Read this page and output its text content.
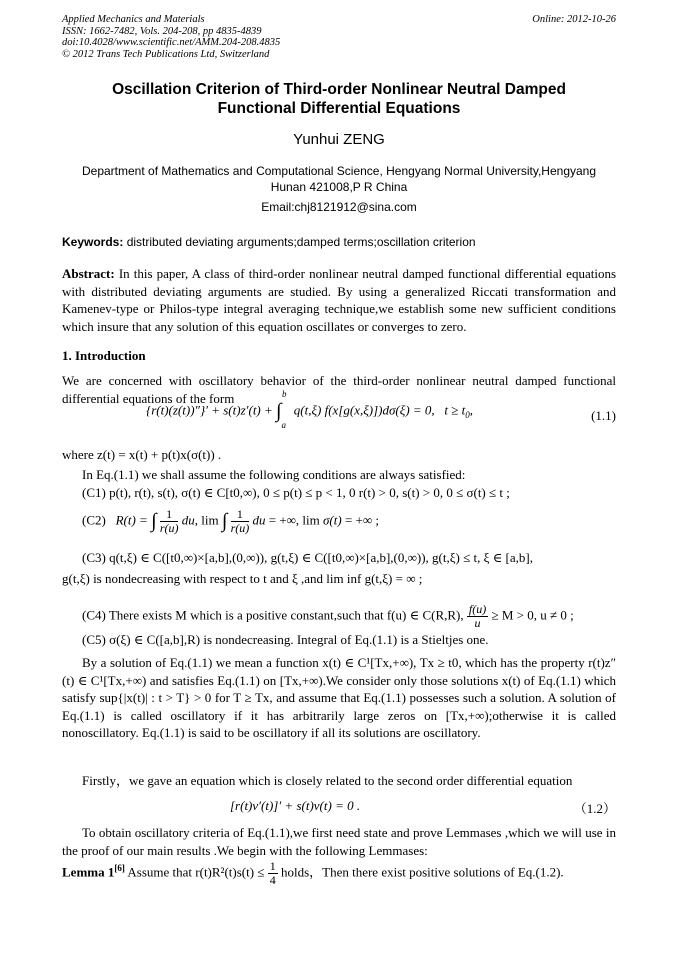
Applied Mechanics and Materials
ISSN: 1662-7482, Vols. 204-208, pp 4835-4839
doi:10.4028/www.scientific.net/AMM.204-208.4835
© 2012 Trans Tech Publications Ltd, Switzerland
Online: 2012-10-26
Oscillation Criterion of Third-order Nonlinear Neutral Damped
Functional Differential Equations
Yunhui ZENG
Department of Mathematics and Computational Science, Hengyang Normal University,Hengyang
Hunan 421008,P R China
Email:chj8121912@sina.com
Keywords: distributed deviating arguments;damped terms;oscillation criterion
Abstract: In this paper, A class of third-order nonlinear neutral damped functional differential equations with distributed deviating arguments are studied. By using a generalized Riccati transformation and Kamenev-type or Philos-type integral averaging technique,we establish some new sufficient conditions which insure that any solution of this equation oscillates or converges to zero.
1. Introduction
We are concerned with oscillatory behavior of the third-order nonlinear neutral damped functional differential equations of the form
$\{r(t)(z(t))''\}' + s(t)z'(t) + \int_a^b$ q(t,ξ) f(x[g(x,ξ)])dσ(ξ) = 0,   $t \ge t_0$,	(1.1)
where z(t) = x(t) + p(t)x(σ(t)) .
In Eq.(1.1) we shall assume the following conditions are always satisfied:
(C1) p(t), r(t), s(t), σ(t) ∈ C[t0,∞), 0 ≤ p(t) ≤ p < 1, 0 r(t) > 0, s(t) > 0, 0 ≤ σ(t) ≤ t ;
(C2)   R(t) = ∫ $\frac{1}{r(u)}$ du, lim ∫ $\frac{1}{r(u)}$ du = +∞, lim σ(t) = +∞ ;
(C3) q(t,ξ) ∈ C([t0,∞)×[a,b],(0,∞)), g(t,ξ) ∈ C([t0,∞)×[a,b],(0,∞)), g(t,ξ) ≤ t, ξ ∈ [a,b],
g(t,ξ) is nondecreasing with respect to t and ξ ,and lim inf g(t,ξ) = ∞ ;
(C4) There exists M which is a positive constant,such that f(u) ∈ C(R,R), $\frac{f(u)}{u} \ge M > 0$, u ≠ 0 ;
(C5) σ(ξ) ∈ C([a,b],R) is nondecreasing. Integral of Eq.(1.1) is a Stieltjes one.
By a solution of Eq.(1.1) we mean a function x(t) ∈ C¹[Tx,+∞), Tx ≥ t0, which has the property r(t)z″(t) ∈ C¹[Tx,+∞) and satisfies Eq.(1.1) on [Tx,+∞).We consider only those solutions x(t) of Eq.(1.1) which satisfy sup{|x(t)| : t > T} > 0 for T ≥ Tx, and assume that Eq.(1.1) possesses such a solution. A solution of Eq.(1.1) is called oscillatory if it has arbitrarily large zeros on [Tx,+∞);otherwise it is called nonoscillatory. Eq.(1.1) is said to be oscillatory if all its solutions are oscillatory.
Firstly，we gave an equation which is closely related to the second order differential equation
[r(t)v′(t)]′ + s(t)v(t) = 0 .	（1.2）
To obtain oscillatory criteria of Eq.(1.1),we first need state and prove Lemmases ,which we will use in the proof of our main results .We begin with the following Lemmases:
Lemma 1[6] Assume that $r(t)R^2(t)s(t) \le \frac{1}{4}$ holds，Then there exist positive solutions of Eq.(1.2).
